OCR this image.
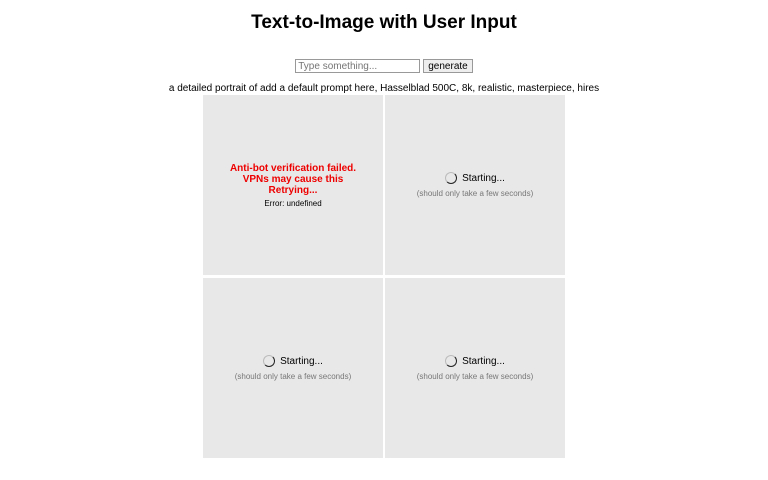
Text-to-Image with User Input
Type something... generate
a detailed portrait of add a default prompt here, Hasselblad 500C, 8k, realistic, masterpiece, hires
Anti-bot verification failed. VPNs may cause this Retrying...
Error: undefined
Starting...
(should only take a few seconds)
Starting...
(should only take a few seconds)
Starting...
(should only take a few seconds)
